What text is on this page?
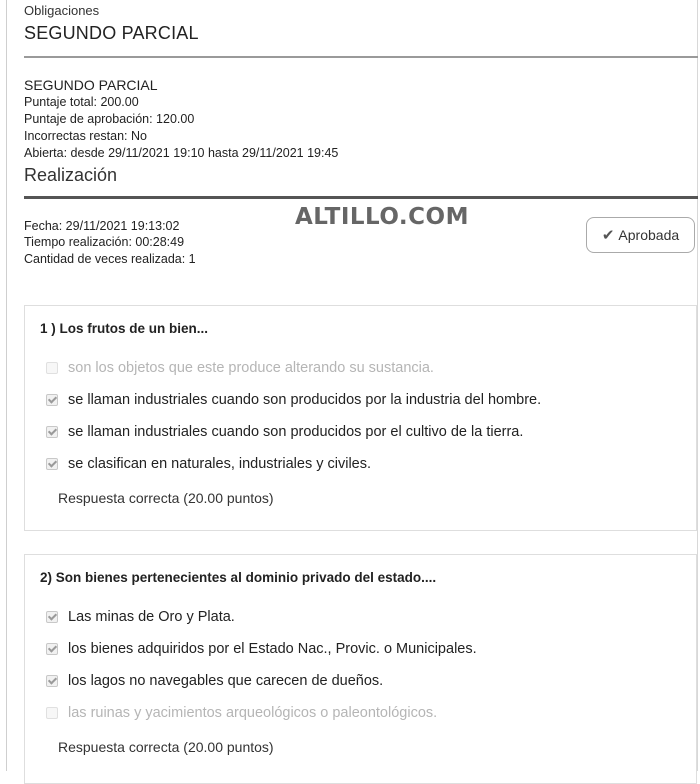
Obligaciones
SEGUNDO PARCIAL
SEGUNDO PARCIAL
Puntaje total: 200.00
Puntaje de aprobación: 120.00
Incorrectas restan: No
Abierta: desde 29/11/2021 19:10 hasta 29/11/2021 19:45
Realización
Fecha: 29/11/2021 19:13:02
Tiempo realización: 00:28:49
Cantidad de veces realizada: 1
ALTILLO.COM
✔ Aprobada
1 ) Los frutos de un bien...
son los objetos que este produce alterando su sustancia.
se llaman industriales cuando son producidos por la industria del hombre.
se llaman industriales cuando son producidos por el cultivo de la tierra.
se clasifican en naturales, industriales y civiles.
Respuesta correcta (20.00 puntos)
2) Son bienes pertenecientes al dominio privado del estado....
Las minas de Oro y Plata.
los bienes adquiridos por el Estado Nac., Provic. o Municipales.
los lagos no navegables que carecen de dueños.
las ruinas y yacimientos arqueológicos o paleontológicos.
Respuesta correcta (20.00 puntos)
